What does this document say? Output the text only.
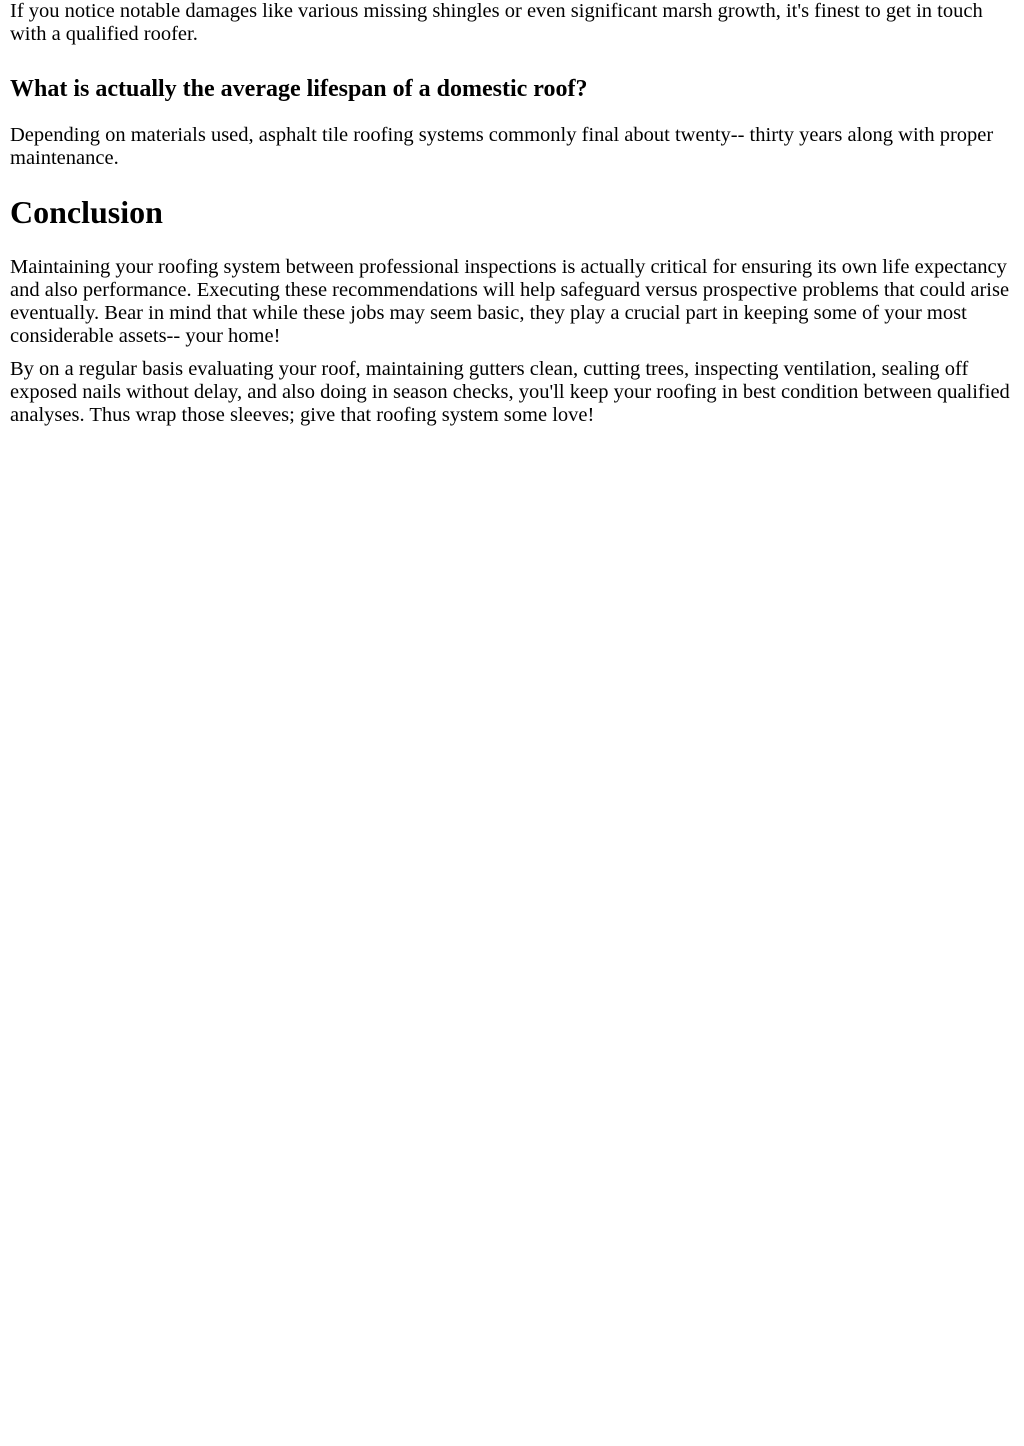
If you notice notable damages like various missing shingles or even significant marsh growth, it's finest to get in touch with a qualified roofer.

What is actually the average lifespan of a domestic roof?

Depending on materials used, asphalt tile roofing systems commonly final about twenty-- thirty years along with proper maintenance.

Conclusion

Maintaining your roofing system between professional inspections is actually critical for ensuring its own life expectancy and also performance. Executing these recommendations will help safeguard versus prospective problems that could arise eventually. Bear in mind that while these jobs may seem basic, they play a crucial part in keeping some of your most considerable assets-- your home!

By on a regular basis evaluating your roof, maintaining gutters clean, cutting trees, inspecting ventilation, sealing off exposed nails without delay, and also doing in season checks, you'll keep your roofing in best condition between qualified analyses. Thus wrap those sleeves; give that roofing system some love!
